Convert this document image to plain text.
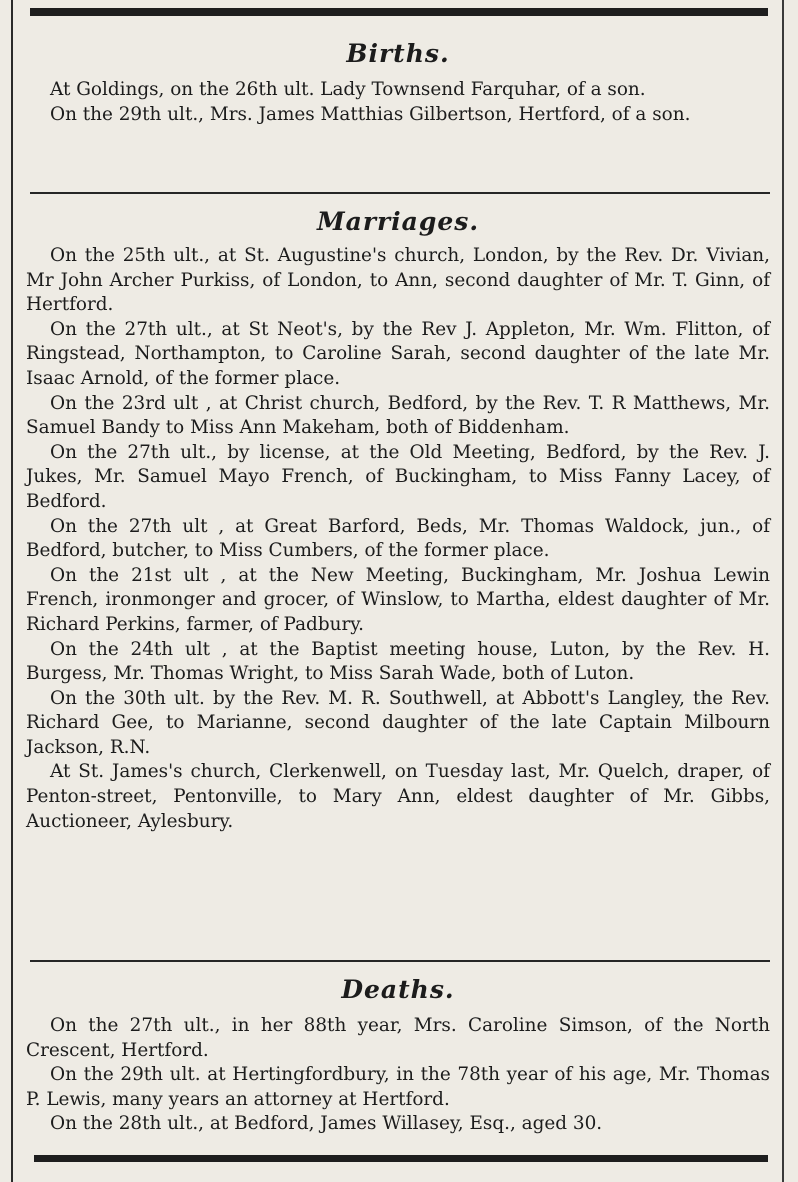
Births.

At Goldings, on the 26th ult. Lady Townsend Farquhar, of a son.

On the 29th ult., Mrs. James Matthias Gilbertson, Hertford, of a son.

Marriages.

On the 25th ult., at St. Augustine's church, London, by the Rev. Dr. Vivian, Mr John Archer Purkiss, of London, to Ann, second daughter of Mr. T. Ginn, of Hertford.

On the 27th ult., at St Neot's, by the Rev J. Appleton, Mr. Wm. Flitton, of Ringstead, Northampton, to Caroline Sarah, second daughter of the late Mr. Isaac Arnold, of the former place.

On the 23rd ult , at Christ church, Bedford, by the Rev. T. R Matthews, Mr. Samuel Bandy to Miss Ann Makeham, both of Biddenham.

On the 27th ult., by license, at the Old Meeting, Bedford, by the Rev. J. Jukes, Mr. Samuel Mayo French, of Buckingham, to Miss Fanny Lacey, of Bedford.

On the 27th ult , at Great Barford, Beds, Mr. Thomas Waldock, jun., of Bedford, butcher, to Miss Cumbers, of the former place.

On the 21st ult , at the New Meeting, Buckingham, Mr. Joshua Lewin French, ironmonger and grocer, of Winslow, to Martha, eldest daughter of Mr. Richard Perkins, farmer, of Padbury.

On the 24th ult , at the Baptist meeting house, Luton, by the Rev. H. Burgess, Mr. Thomas Wright, to Miss Sarah Wade, both of Luton.

On the 30th ult. by the Rev. M. R. Southwell, at Abbott's Langley, the Rev. Richard Gee, to Marianne, second daughter of the late Captain Milbourn Jackson, R.N.

At St. James's church, Clerkenwell, on Tuesday last, Mr. Quelch, draper, of Penton-street, Pentonville, to Mary Ann, eldest daughter of Mr. Gibbs, Auctioneer, Aylesbury.

Deaths.

On the 27th ult., in her 88th year, Mrs. Caroline Simson, of the North Crescent, Hertford.

On the 29th ult. at Hertingfordbury, in the 78th year of his age, Mr. Thomas P. Lewis, many years an attorney at Hertford.

On the 28th ult., at Bedford, James Willasey, Esq., aged 30.
